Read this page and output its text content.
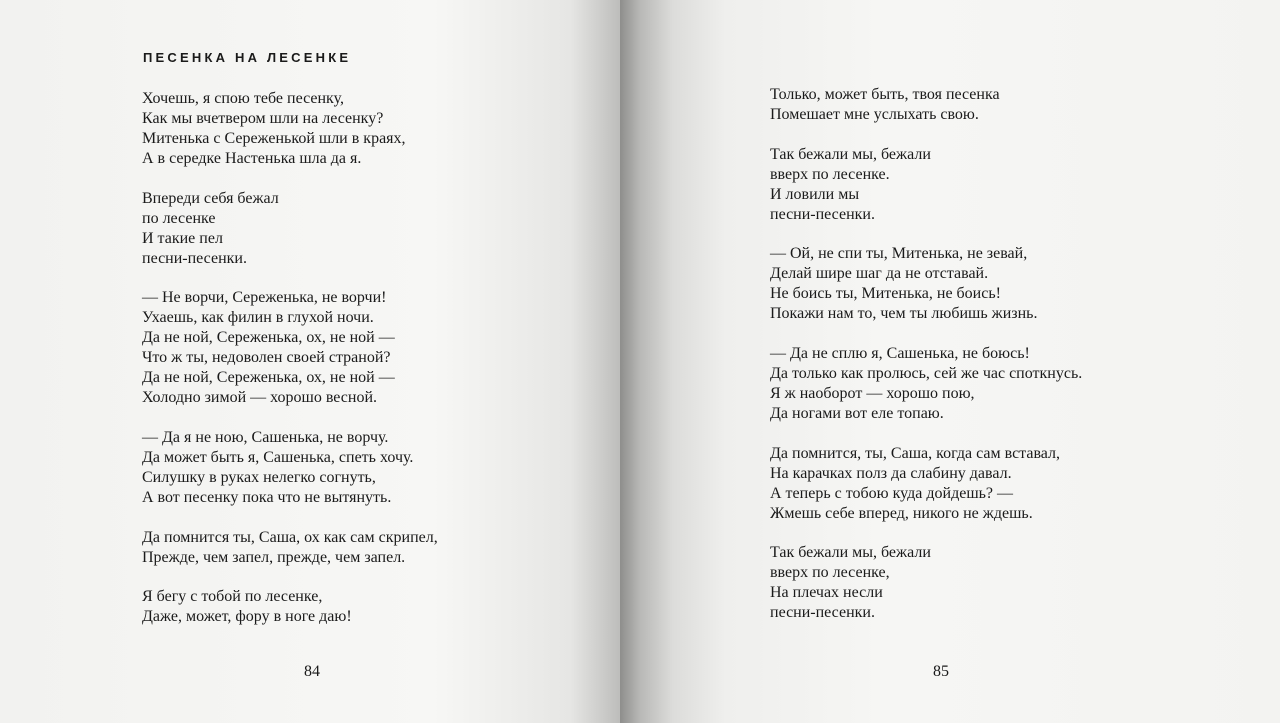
ПЕСЕНКА НА ЛЕСЕНКЕ
Хочешь, я спою тебе песенку,
Как мы вчетвером шли на лесенку?
Митенька с Сереженькой шли в краях,
А в середке Настенька шла да я.
Впереди себя бежал
по лесенке
И такие пел
песни-песенки.
— Не ворчи, Сереженька, не ворчи!
Ухаешь, как филин в глухой ночи.
Да не ной, Сереженька, ох, не ной —
Что ж ты, недоволен своей страной?
Да не ной, Сереженька, ох, не ной —
Холодно зимой — хорошо весной.
— Да я не ною, Сашенька, не ворчу.
Да может быть я, Сашенька, спеть хочу.
Силушку в руках нелегко согнуть,
А вот песенку пока что не вытянуть.
Да помнится ты, Саша, ох как сам скрипел,
Прежде, чем запел, прежде, чем запел.
Я бегу с тобой по лесенке,
Даже, может, фору в ноге даю!
84
Только, может быть, твоя песенка
Помешает мне услыхать свою.
Так бежали мы, бежали
вверх по лесенке.
И ловили мы
песни-песенки.
— Ой, не спи ты, Митенька, не зевай,
Делай шире шаг да не отставай.
Не боись ты, Митенька, не боись!
Покажи нам то, чем ты любишь жизнь.
— Да не сплю я, Сашенька, не боюсь!
Да только как пролюсь, сей же час споткнусь.
Я ж наоборот — хорошо пою,
Да ногами вот еле топаю.
Да помнится, ты, Саша, когда сам вставал,
На карачках полз да слабину давал.
А теперь с тобою куда дойдешь? —
Жмешь себе вперед, никого не ждешь.
Так бежали мы, бежали
вверх по лесенке,
На плечах несли
песни-песенки.
85
